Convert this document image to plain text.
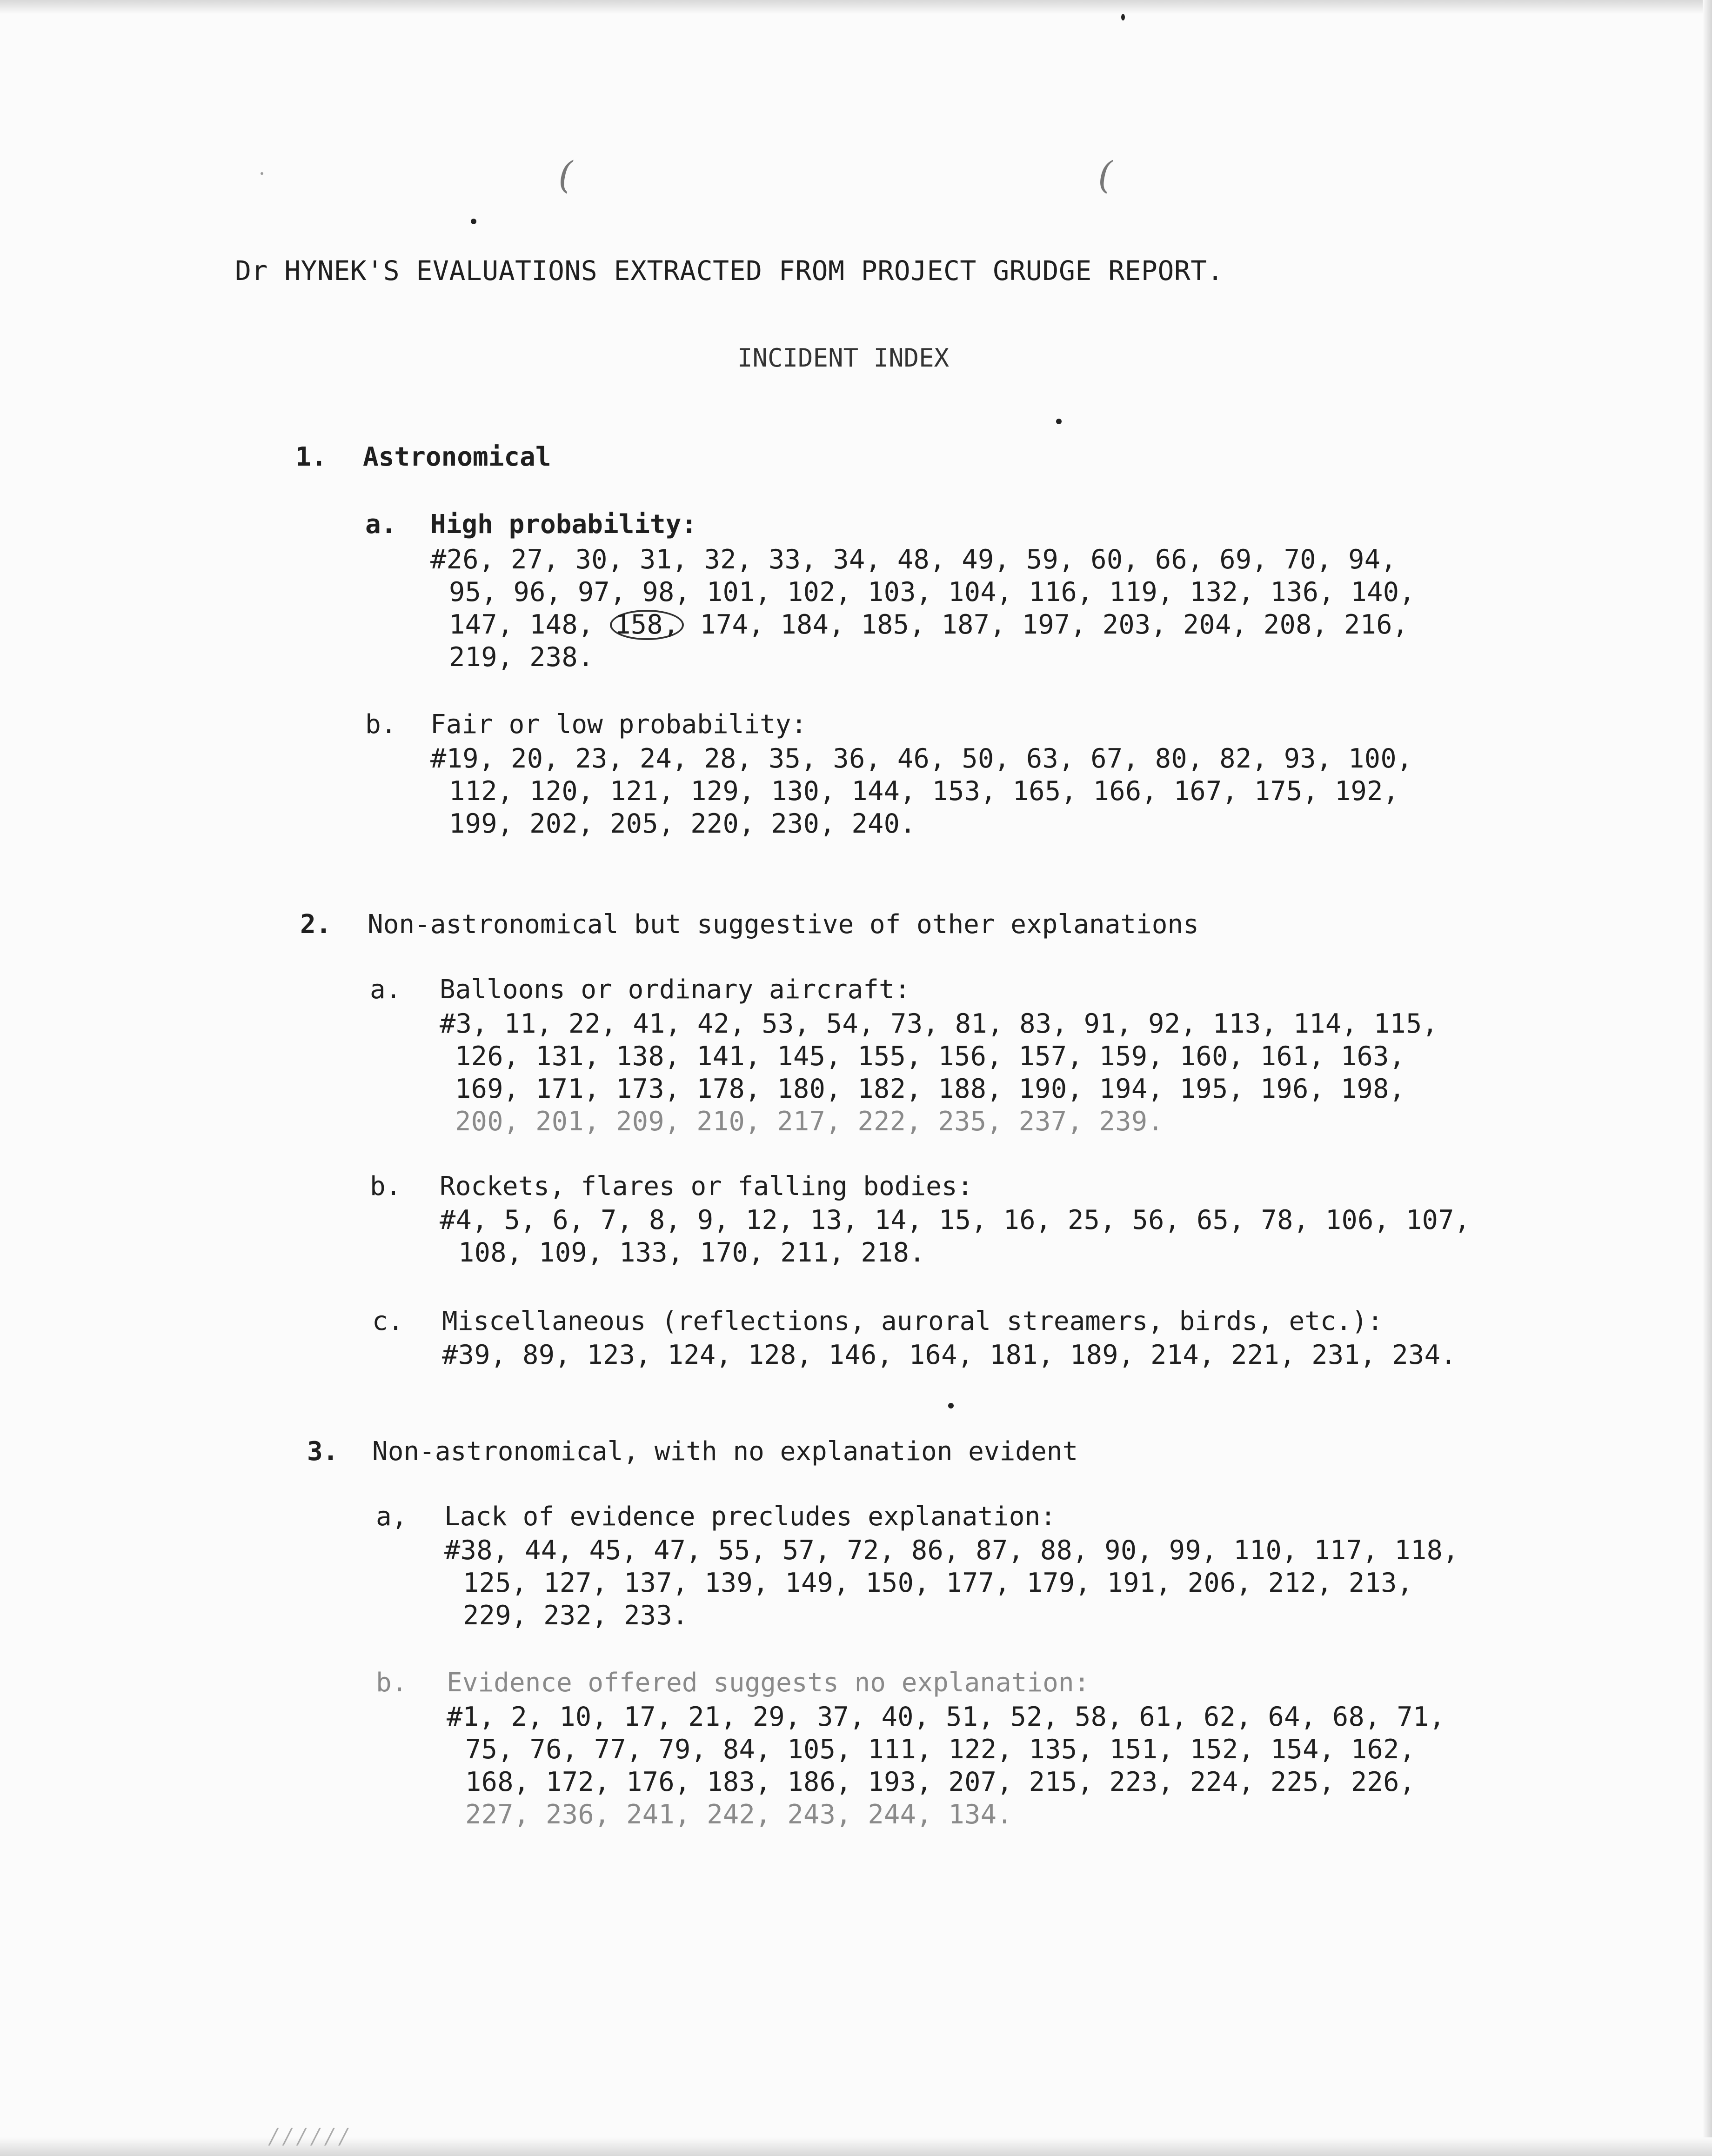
(	(
Dr HYNEK'S EVALUATIONS EXTRACTED FROM PROJECT GRUDGE REPORT.
INCIDENT INDEX
1. Astronomical
a. High probability:
#26, 27, 30, 31, 32, 33, 34, 48, 49, 59, 60, 66, 69, 70, 94,
95, 96, 97, 98, 101, 102, 103, 104, 116, 119, 132, 136, 140,
147, 148, 158, 174, 184, 185, 187, 197, 203, 204, 208, 216,
219, 238.
b. Fair or low probability:
#19, 20, 23, 24, 28, 35, 36, 46, 50, 63, 67, 80, 82, 93, 100,
112, 120, 121, 129, 130, 144, 153, 165, 166, 167, 175, 192,
199, 202, 205, 220, 230, 240.
2. Non-astronomical but suggestive of other explanations
a. Balloons or ordinary aircraft:
#3, 11, 22, 41, 42, 53, 54, 73, 81, 83, 91, 92, 113, 114, 115,
126, 131, 138, 141, 145, 155, 156, 157, 159, 160, 161, 163,
169, 171, 173, 178, 180, 182, 188, 190, 194, 195, 196, 198,
200, 201, 209, 210, 217, 222, 235, 237, 239.
b. Rockets, flares or falling bodies:
#4, 5, 6, 7, 8, 9, 12, 13, 14, 15, 16, 25, 56, 65, 78, 106, 107,
108, 109, 133, 170, 211, 218.
c. Miscellaneous (reflections, auroral streamers, birds, etc.):
#39, 89, 123, 124, 128, 146, 164, 181, 189, 214, 221, 231, 234.
3. Non-astronomical, with no explanation evident
a, Lack of evidence precludes explanation:
#38, 44, 45, 47, 55, 57, 72, 86, 87, 88, 90, 99, 110, 117, 118,
125, 127, 137, 139, 149, 150, 177, 179, 191, 206, 212, 213,
229, 232, 233.
b. Evidence offered suggests no explanation:
#1, 2, 10, 17, 21, 29, 37, 40, 51, 52, 58, 61, 62, 64, 68, 71,
75, 76, 77, 79, 84, 105, 111, 122, 135, 151, 152, 154, 162,
168, 172, 176, 183, 186, 193, 207, 215, 223, 224, 225, 226,
227, 236, 241, 242, 243, 244, 134.
/ / / / / /
